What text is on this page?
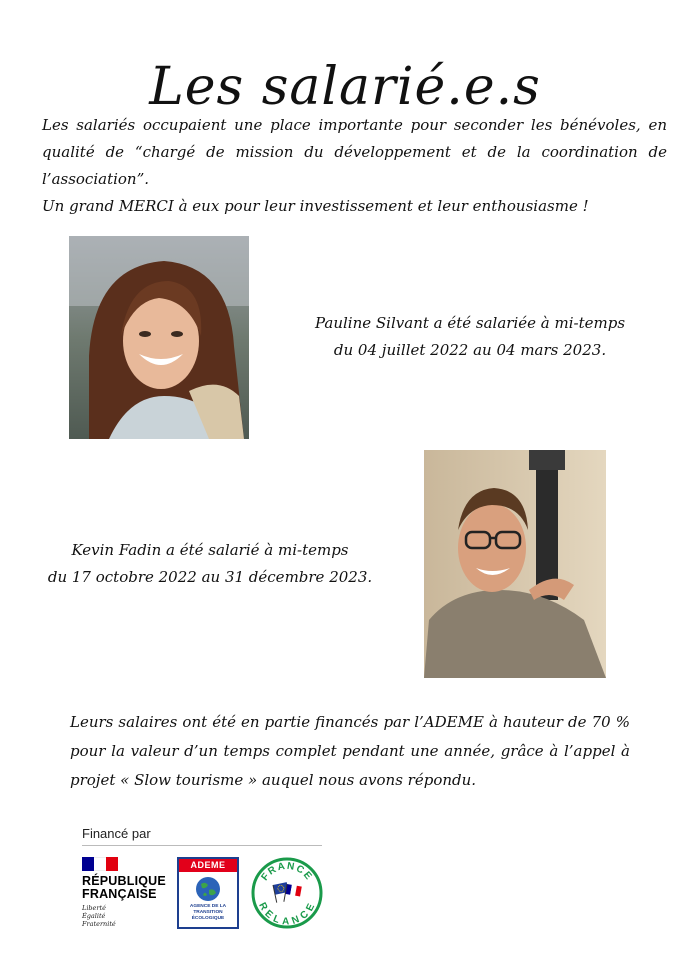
Les salarié.e.s

Les salariés occupaient une place importante pour seconder les bénévoles, en qualité de “chargé de mission du développement et de la coordination de l’association”.

Un grand MERCI à eux pour leur investissement et leur enthousiasme !

Pauline Silvant a été salariée à mi-temps
du 04 juillet 2022 au 04 mars 2023.
Kevin Fadin a été salarié à mi-temps
du 17 octobre 2022 au 31 décembre 2023.
Leurs salaires ont été en partie financés par l’ADEME à hauteur de 70 % pour la valeur d’un temps complet pendant une année, grâce à l’appel à projet « Slow tourisme » auquel nous avons répondu.
Financé par
RÉPUBLIQUE
FRANÇAISE
Liberté
Égalité
Fraternité
ADEME
AGENCE DE LA
TRANSITION
ÉCOLOGIQUE
FRANCE
RELANCE
